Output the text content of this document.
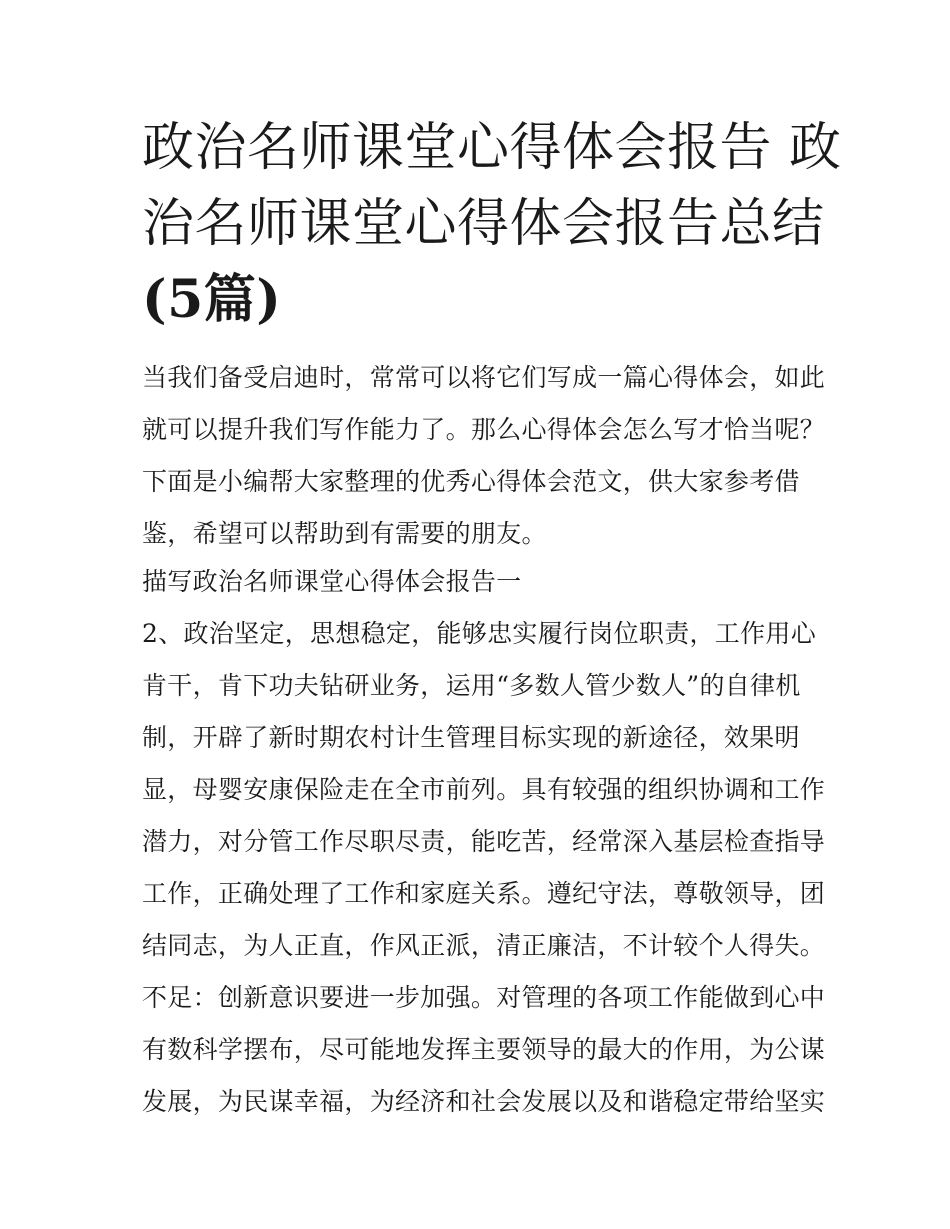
政治名师课堂心得体会报告 政
治名师课堂心得体会报告总结
(5篇)

当我们备受启迪时，常常可以将它们写成一篇心得体会，如此

就可以提升我们写作能力了。那么心得体会怎么写才恰当呢？

下面是小编帮大家整理的优秀心得体会范文，供大家参考借

鉴，希望可以帮助到有需要的朋友。

描写政治名师课堂心得体会报告一

2、政治坚定，思想稳定，能够忠实履行岗位职责，工作用心

肯干，肯下功夫钻研业务，运用“多数人管少数人”的自律机

制，开辟了新时期农村计生管理目标实现的新途径，效果明

显，母婴安康保险走在全市前列。具有较强的组织协调和工作

潜力，对分管工作尽职尽责，能吃苦，经常深入基层检查指导

工作，正确处理了工作和家庭关系。遵纪守法，尊敬领导，团

结同志，为人正直，作风正派，清正廉洁，不计较个人得失。

不足：创新意识要进一步加强。对管理的各项工作能做到心中

有数科学摆布，尽可能地发挥主要领导的最大的作用，为公谋

发展，为民谋幸福，为经济和社会发展以及和谐稳定带给坚实
